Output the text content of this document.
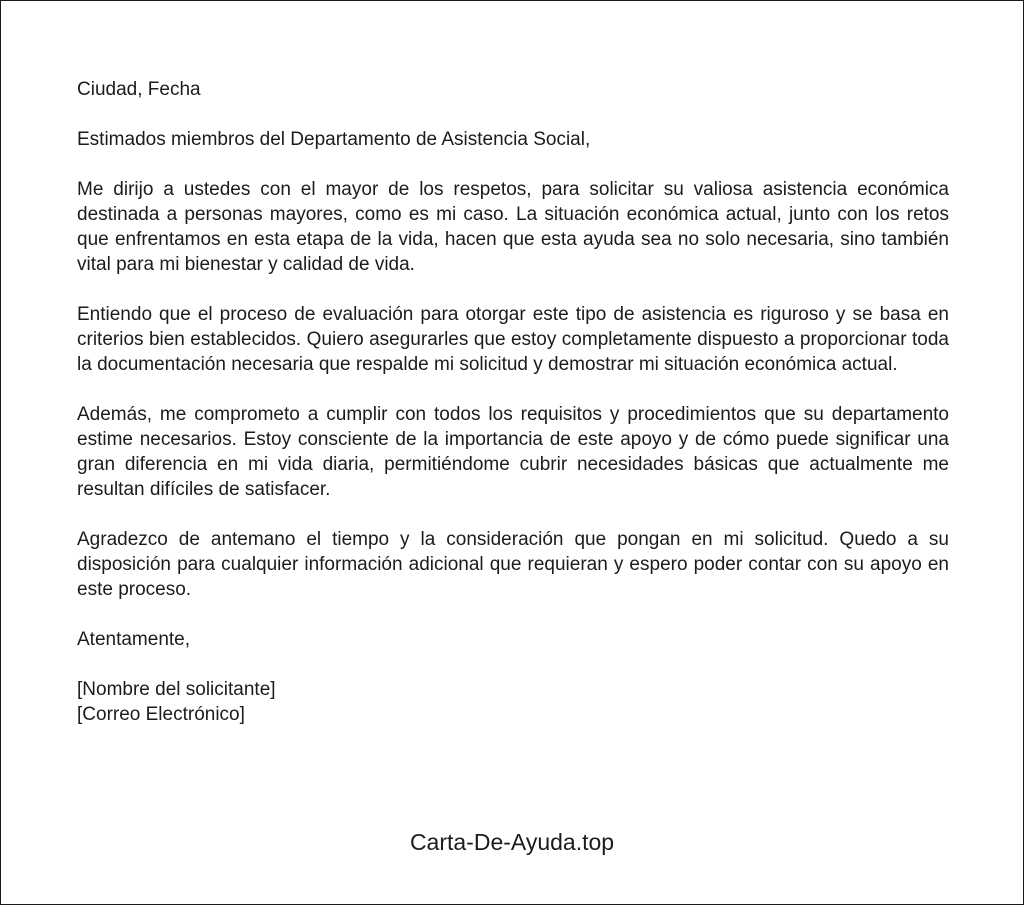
Ciudad, Fecha

Estimados miembros del Departamento de Asistencia Social,

Me dirijo a ustedes con el mayor de los respetos, para solicitar su valiosa asistencia económica destinada a personas mayores, como es mi caso. La situación económica actual, junto con los retos que enfrentamos en esta etapa de la vida, hacen que esta ayuda sea no solo necesaria, sino también vital para mi bienestar y calidad de vida.

Entiendo que el proceso de evaluación para otorgar este tipo de asistencia es riguroso y se basa en criterios bien establecidos. Quiero asegurarles que estoy completamente dispuesto a proporcionar toda la documentación necesaria que respalde mi solicitud y demostrar mi situación económica actual.

Además, me comprometo a cumplir con todos los requisitos y procedimientos que su departamento estime necesarios. Estoy consciente de la importancia de este apoyo y de cómo puede significar una gran diferencia en mi vida diaria, permitiéndome cubrir necesidades básicas que actualmente me resultan difíciles de satisfacer.

Agradezco de antemano el tiempo y la consideración que pongan en mi solicitud. Quedo a su disposición para cualquier información adicional que requieran y espero poder contar con su apoyo en este proceso.

Atentamente,

[Nombre del solicitante]

[Correo Electrónico]

Carta-De-Ayuda.top
